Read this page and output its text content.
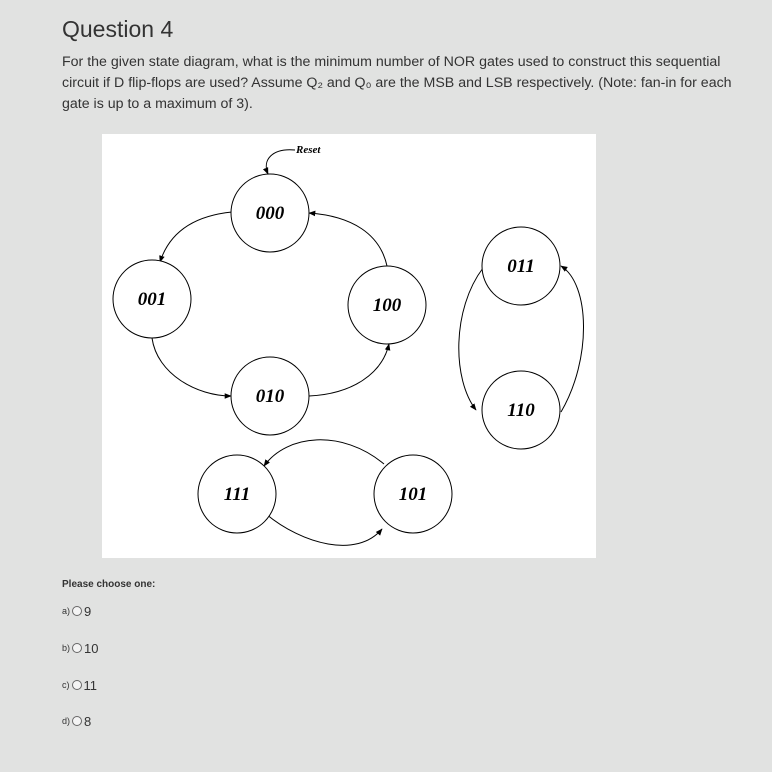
Question 4
For the given state diagram, what is the minimum number of NOR gates used to construct this sequential circuit if D flip-flops are used? Assume Q₂ and Q₀ are the MSB and LSB respectively. (Note: fan-in for each gate is up to a maximum of 3).
000
001
010
100
011
110
111	101
Reset
Please choose one:
a) 9
b) 10
c) 11
d) 8
